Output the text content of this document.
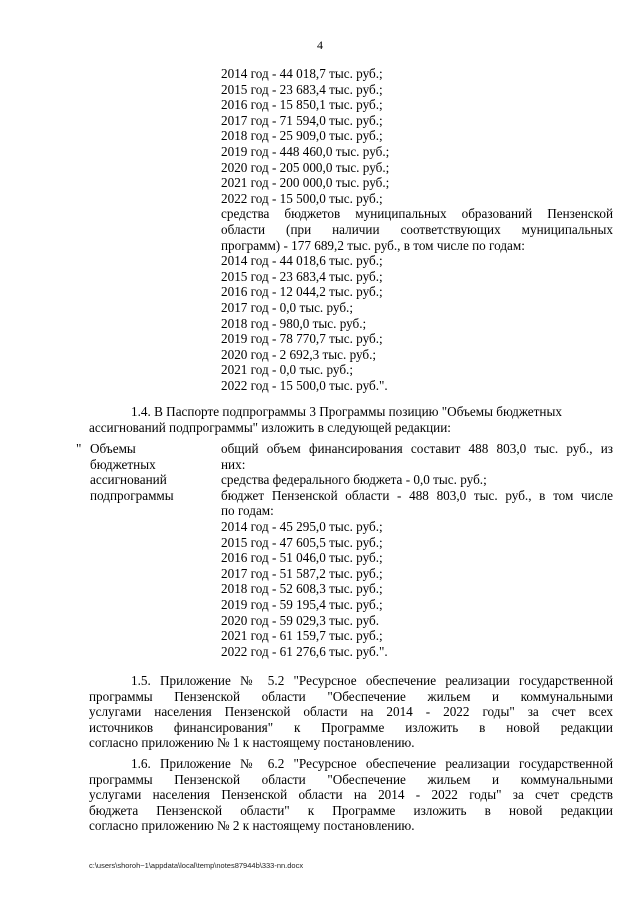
4
2014 год - 44 018,7 тыс. руб.;
2015 год - 23 683,4 тыс. руб.;
2016 год - 15 850,1 тыс. руб.;
2017 год - 71 594,0 тыс. руб.;
2018 год - 25 909,0 тыс. руб.;
2019 год - 448 460,0 тыс. руб.;
2020 год - 205 000,0 тыс. руб.;
2021 год - 200 000,0 тыс. руб.;
2022 год - 15 500,0 тыс. руб.;
средства бюджетов муниципальных образований Пензенской
области (при наличии соответствующих муниципальных
программ) - 177 689,2 тыс. руб., в том числе по годам:
2014 год - 44 018,6 тыс. руб.;
2015 год - 23 683,4 тыс. руб.;
2016 год - 12 044,2 тыс. руб.;
2017 год - 0,0 тыс. руб.;
2018 год - 980,0 тыс. руб.;
2019 год - 78 770,7 тыс. руб.;
2020 год - 2 692,3 тыс. руб.;
2021 год - 0,0 тыс. руб.;
2022 год - 15 500,0 тыс. руб.".
1.4. В Паспорте подпрограммы 3 Программы позицию "Объемы бюджетных
ассигнований подпрограммы" изложить в следующей редакции:
" Объемы
бюджетных
ассигнований
подпрограммы
общий объем финансирования составит 488 803,0 тыс. руб., из
них:
средства федерального бюджета - 0,0 тыс. руб.;
бюджет Пензенской области - 488 803,0 тыс. руб., в том числе
по годам:
2014 год - 45 295,0 тыс. руб.;
2015 год - 47 605,5 тыс. руб.;
2016 год - 51 046,0 тыс. руб.;
2017 год - 51 587,2 тыс. руб.;
2018 год - 52 608,3 тыс. руб.;
2019 год - 59 195,4 тыс. руб.;
2020 год - 59 029,3 тыс. руб.
2021 год - 61 159,7 тыс. руб.;
2022 год - 61 276,6 тыс. руб.".
1.5. Приложение № 5.2 "Ресурсное обеспечение реализации государственной
программы Пензенской области "Обеспечение жильем и коммунальными
услугами населения Пензенской области на 2014 - 2022 годы" за счет всех
источников финансирования" к Программе изложить в новой редакции
согласно приложению № 1 к настоящему постановлению.
1.6. Приложение № 6.2 "Ресурсное обеспечение реализации государственной
программы Пензенской области "Обеспечение жильем и коммунальными
услугами населения Пензенской области на 2014 - 2022 годы" за счет средств
бюджета Пензенской области" к Программе изложить в новой редакции
согласно приложению № 2 к настоящему постановлению.
c:\users\shoroh~1\appdata\local\temp\notes87944b\333-nn.docx
